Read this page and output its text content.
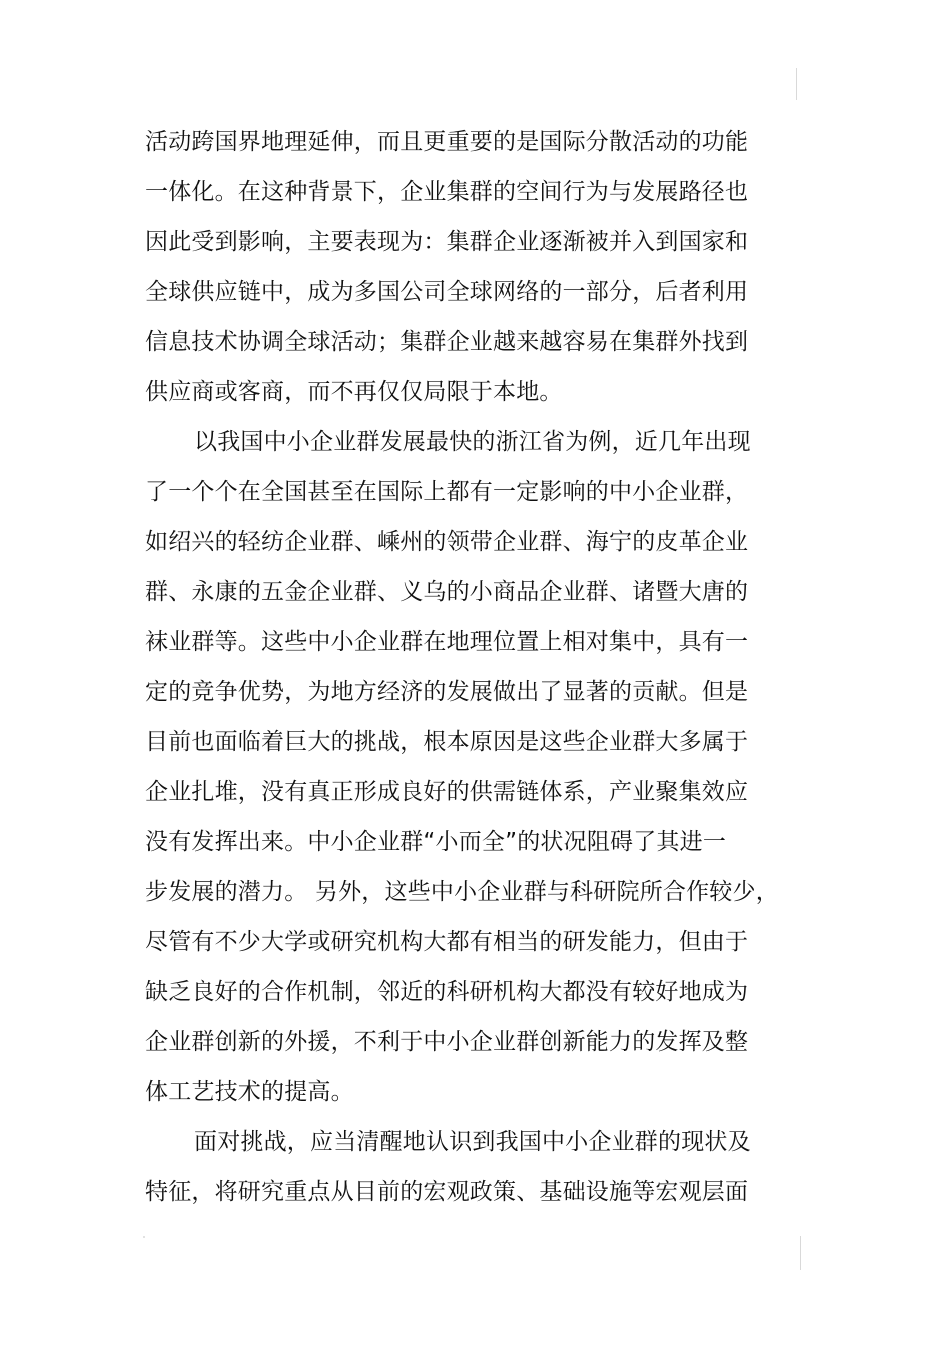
活动跨国界地理延伸，而且更重要的是国际分散活动的功能
一体化。在这种背景下，企业集群的空间行为与发展路径也
因此受到影响，主要表现为：集群企业逐渐被并入到国家和
全球供应链中，成为多国公司全球网络的一部分，后者利用
信息技术协调全球活动；集群企业越来越容易在集群外找到
供应商或客商，而不再仅仅局限于本地。
以我国中小企业群发展最快的浙江省为例，近几年出现
了一个个在全国甚至在国际上都有一定影响的中小企业群，
如绍兴的轻纺企业群、嵊州的领带企业群、海宁的皮革企业
群、永康的五金企业群、义乌的小商品企业群、诸暨大唐的
袜业群等。这些中小企业群在地理位置上相对集中，具有一
定的竞争优势，为地方经济的发展做出了显著的贡献。但是
目前也面临着巨大的挑战，根本原因是这些企业群大多属于
企业扎堆，没有真正形成良好的供需链体系，产业聚集效应
没有发挥出来。中小企业群“小而全”的状况阻碍了其进一
步发展的潜力。 另外，这些中小企业群与科研院所合作较少，
尽管有不少大学或研究机构大都有相当的研发能力，但由于
缺乏良好的合作机制，邻近的科研机构大都没有较好地成为
企业群创新的外援，不利于中小企业群创新能力的发挥及整
体工艺技术的提高。
面对挑战，应当清醒地认识到我国中小企业群的现状及
特征，将研究重点从目前的宏观政策、基础设施等宏观层面
